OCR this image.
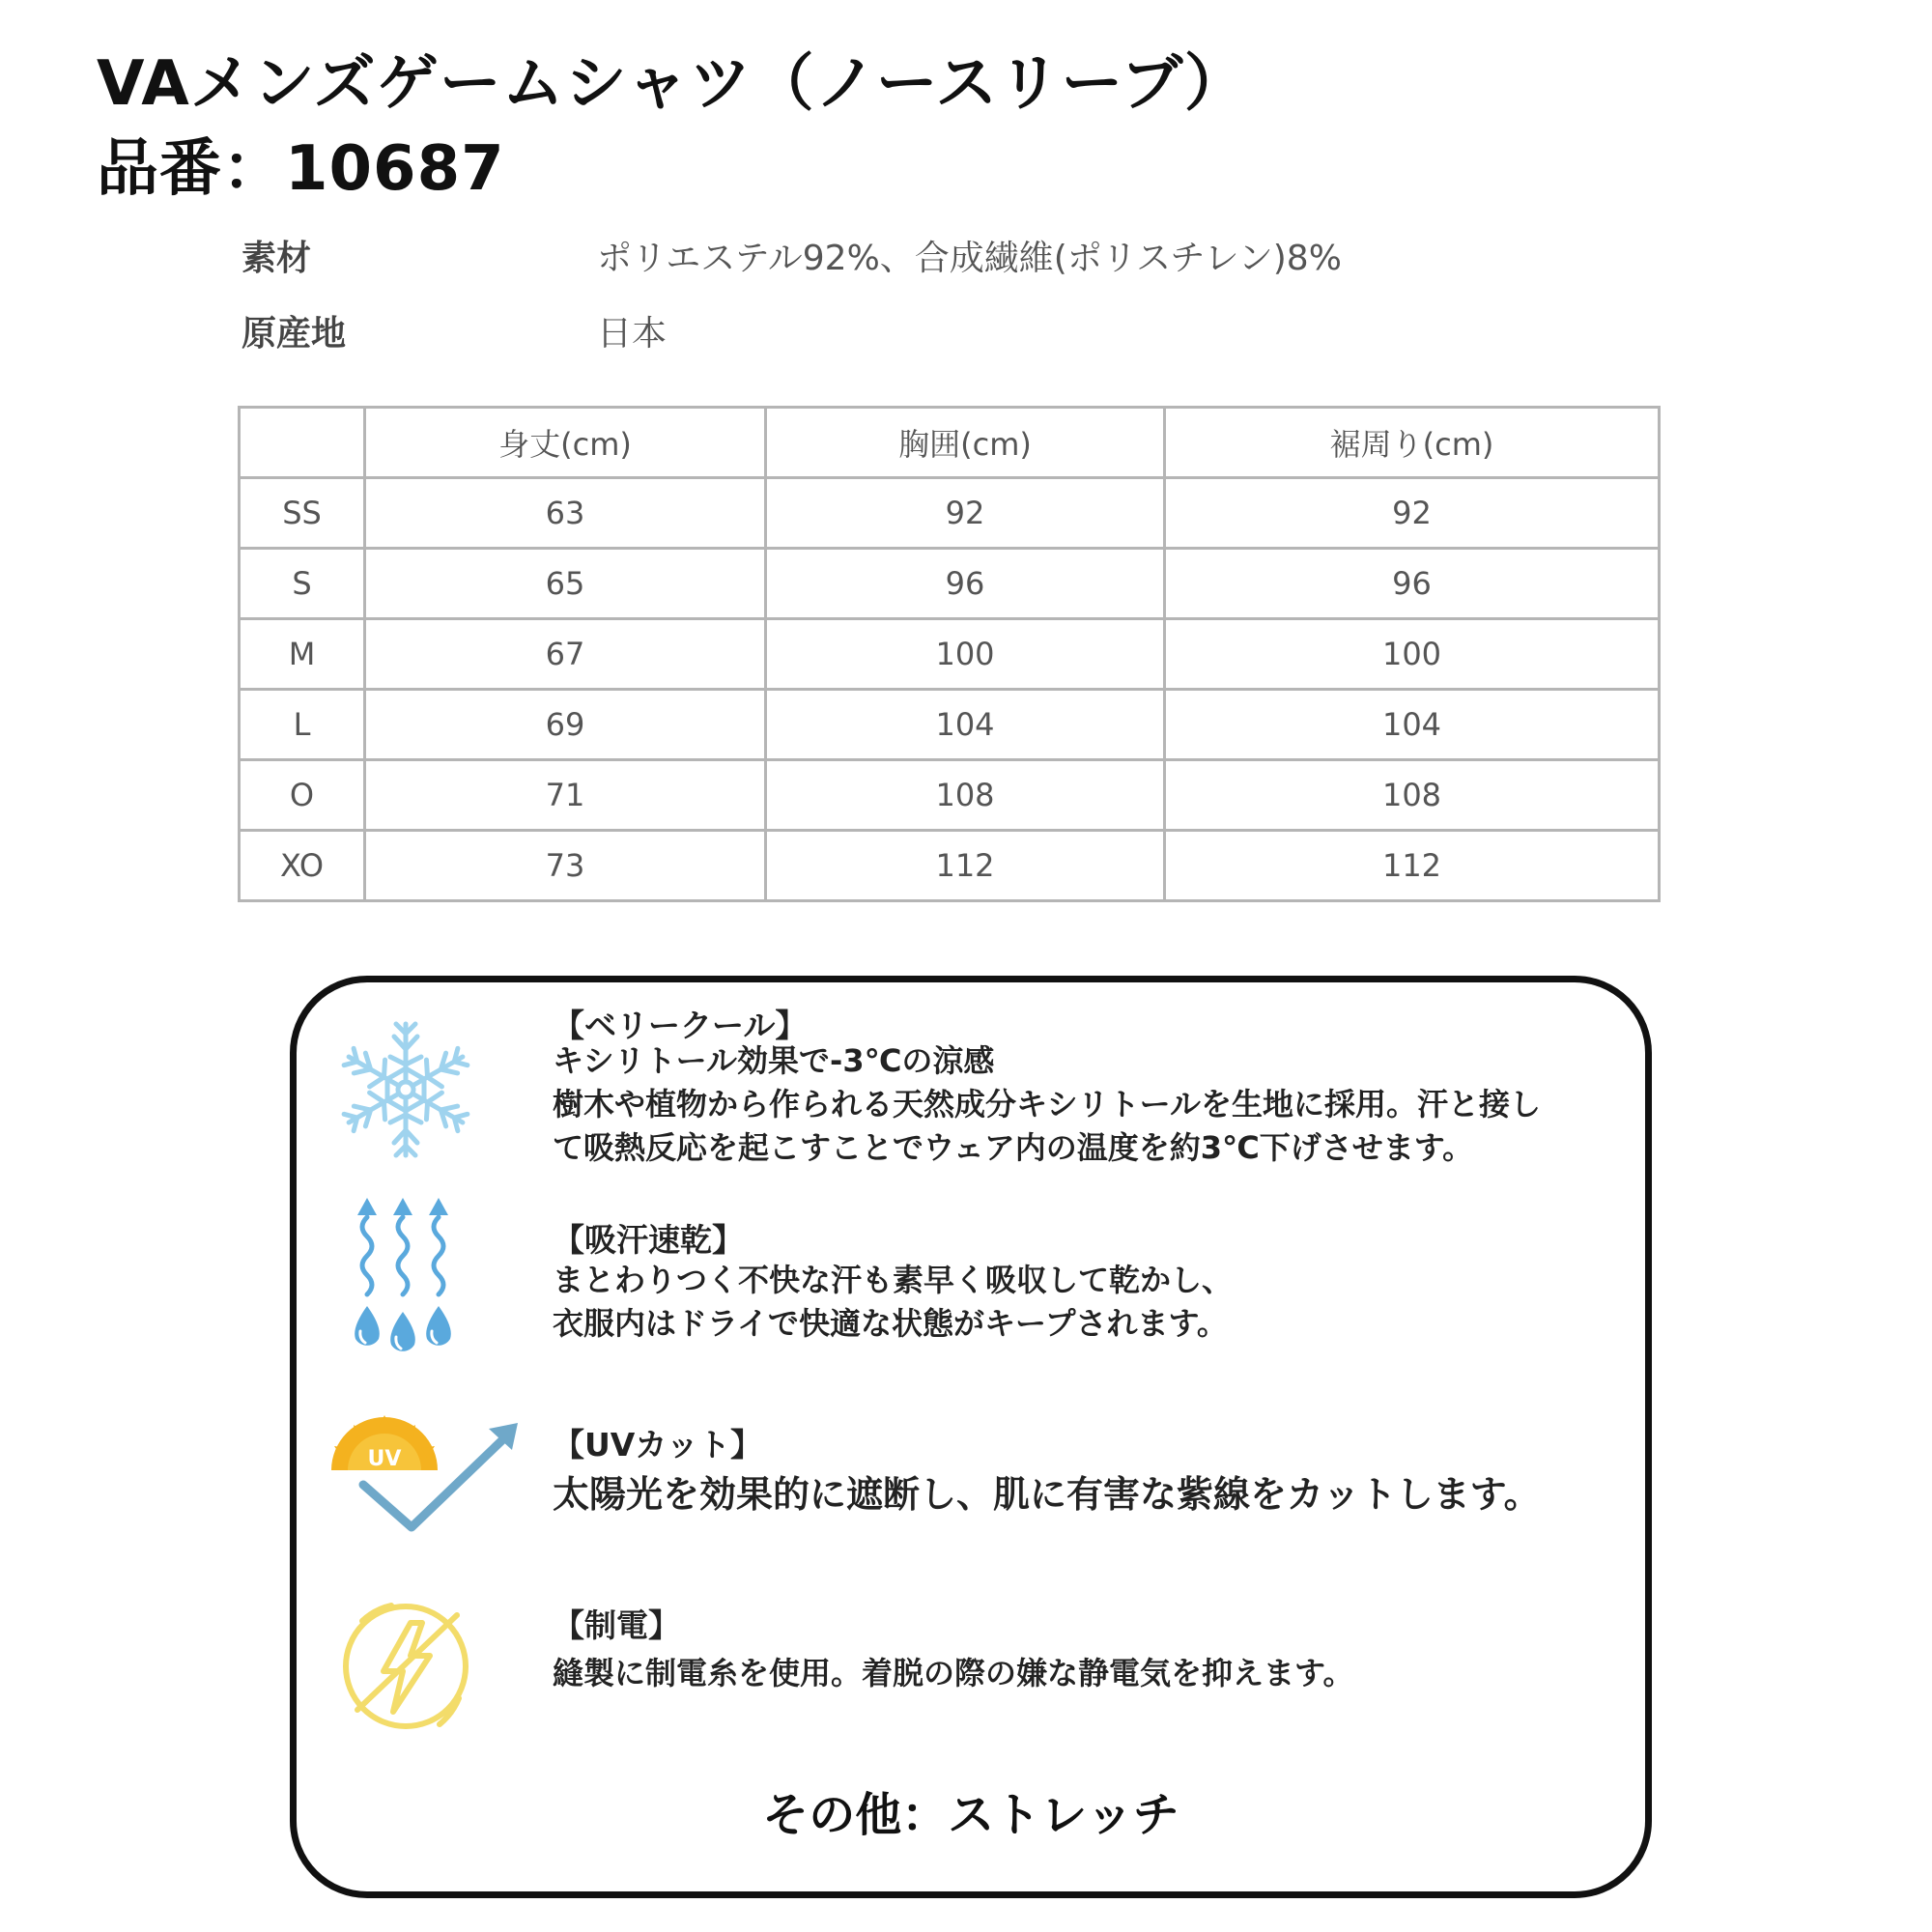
VAメンズゲームシャツ（ノースリーブ）
品番：10687
素材	ポリエステル92%、合成繊維(ポリスチレン)8%
原産地	日本
	身丈(cm)	胸囲(cm)	裾周り(cm)
SS	63	92	92
S	65	96	96
M	67	100	100
L	69	104	104
O	71	108	108
XO	73	112	112
【ベリークール】
キシリトール効果で-3℃の涼感
樹木や植物から作られる天然成分キシリトールを生地に採用。汗と接し
て吸熱反応を起こすことでウェア内の温度を約3℃下げさせます。
【吸汗速乾】
まとわりつく不快な汗も素早く吸収して乾かし、
衣服内はドライで快適な状態がキープされます。
UV	【UVカット】
太陽光を効果的に遮断し、肌に有害な紫線をカットします。
【制電】
縫製に制電糸を使用。着脱の際の嫌な静電気を抑えます。
その他：ストレッチ
